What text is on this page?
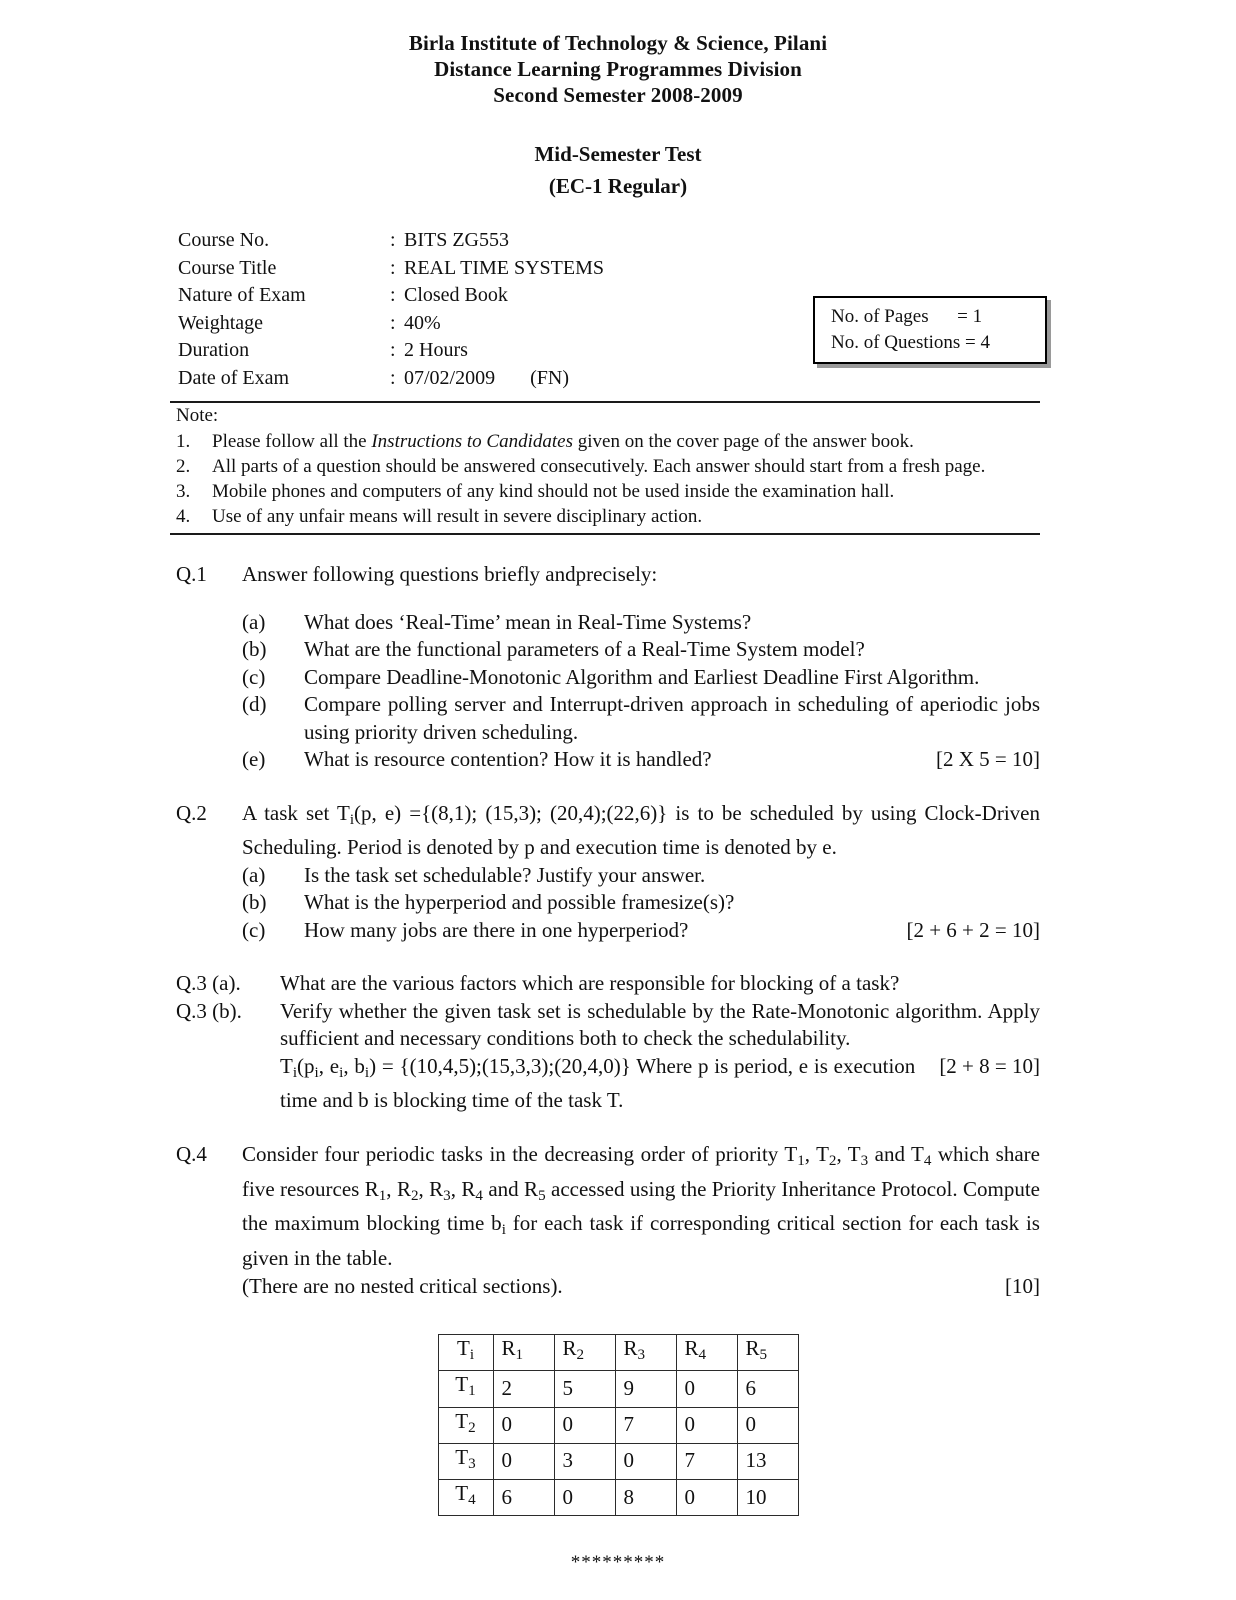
Birla Institute of Technology & Science, Pilani
Distance Learning Programmes Division
Second Semester 2008-2009
Mid-Semester Test
(EC-1 Regular)
Course No.	:	BITS ZG553
Course Title	:	REAL TIME SYSTEMS
Nature of Exam	:	Closed Book
Weightage	:	40%
Duration	:	2 Hours
Date of Exam	:	07/02/2009       (FN)
No. of Pages      = 1
No. of Questions = 4
Note:
1.	Please follow all the Instructions to Candidates given on the cover page of the answer book.
2.	All parts of a question should be answered consecutively. Each answer should start from a fresh page.
3.	Mobile phones and computers of any kind should not be used inside the examination hall.
4.	Use of any unfair means will result in severe disciplinary action.
Q.1	Answer following questions briefly andprecisely:

(a)	What does ‘Real-Time’ mean in Real-Time Systems?
(b)	What are the functional parameters of a Real-Time System model?
(c)	Compare Deadline-Monotonic Algorithm and Earliest Deadline First Algorithm.
(d)	Compare polling server and Interrupt-driven approach in scheduling of aperiodic jobs using priority driven scheduling.
(e)	[2 X 5 = 10]
What is resource contention? How it is handled?
Q.2	A task set $T_i(p$, e) ={(8,1); (15,3); (20,4);(22,6)} is to be scheduled by using Clock-Driven Scheduling. Period is denoted by p and execution time is denoted by e.

(a)	Is the task set schedulable? Justify your answer.
(b)	What is the hyperperiod and possible framesize(s)?
(c)	[2 + 6 + 2 = 10]
How many jobs are there in one hyperperiod?
Q.3 (a).	What are the various factors which are responsible for blocking of a task?
Q.3 (b).	Verify whether the given task set is schedulable by the Rate-Monotonic algorithm. Apply sufficient and necessary conditions both to check the schedulability.

	[2 + 8 = 10]
$T_i(p_i$, $e_i$, $b_i$) = {(10,4,5);(15,3,3);(20,4,0)} Where p is period, e is execution time and b is blocking time of the task T.
Q.4	Consider four periodic tasks in the decreasing order of priority $T_1$, $T_2$, $T_3$ and $T_4$ which share five resources $R_1$, $R_2$, $R_3$, $R_4$ and $R_5$ accessed using the Priority Inheritance Protocol. Compute the maximum blocking time $b_i$ for each task if corresponding critical section for each task is given in the table.

	[10]
(There are no nested critical sections).
$T_i$	$R_1$	$R_2$	$R_3$	$R_4$	$R_5$
$T_1$	2	5	9	0	6
$T_2$	0	0	7	0	0
$T_3$	0	3	0	7	13
$T_4$	6	0	8	0	10
*********
